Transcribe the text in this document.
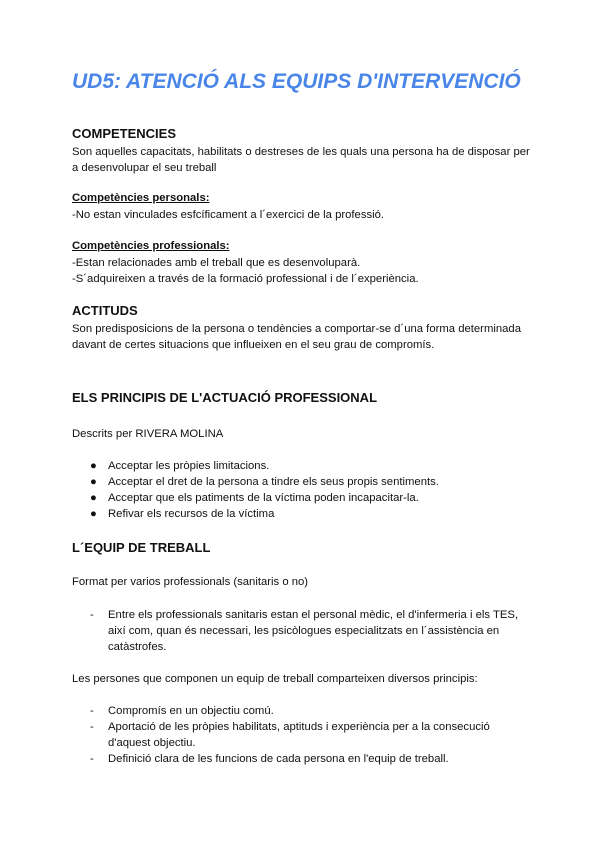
UD5: ATENCIÓ ALS EQUIPS D'INTERVENCIÓ
COMPETENCIES

Son aquelles capacitats, habilitats o destreses de les quals una persona ha de disposar per a desenvolupar el seu treball

Competències personals:

-No estan vinculades esfcíficament a l´exercici de la professió.

Competències professionals:

-Estan relacionades amb el treball que es desenvoluparà.

-S´adquireixen a través de la formació professional i de l´experiència.

ACTITUDS

Son predisposicions de la persona o tendències a comportar-se d´una forma determinada davant de certes situacions que influeixen en el seu grau de compromís.

ELS PRINCIPIS DE L'ACTUACIÓ PROFESSIONAL

Descrits per RIVERA MOLINA

● Acceptar les pròpies limitacions.
● Acceptar el dret de la persona a tindre els seus propis sentiments.
● Acceptar que els patiments de la víctima poden incapacitar-la.
● Refivar els recursos de la víctima
L´EQUIP DE TREBALL

Format per varios professionals (sanitaris o no)

- Entre els professionals sanitaris estan el personal mèdic, el d'infermeria i els TES, així com, quan és necessari, les psicòlogues especialitzats en l´assistència en catàstrofes.

Les persones que componen un equip de treball comparteixen diversos principis:

- Compromís en un objectiu comú.
- Aportació de les pròpies habilitats, aptituds i experiència per a la consecució d'aquest objectiu.
- Definició clara de les funcions de cada persona en l'equip de treball.
